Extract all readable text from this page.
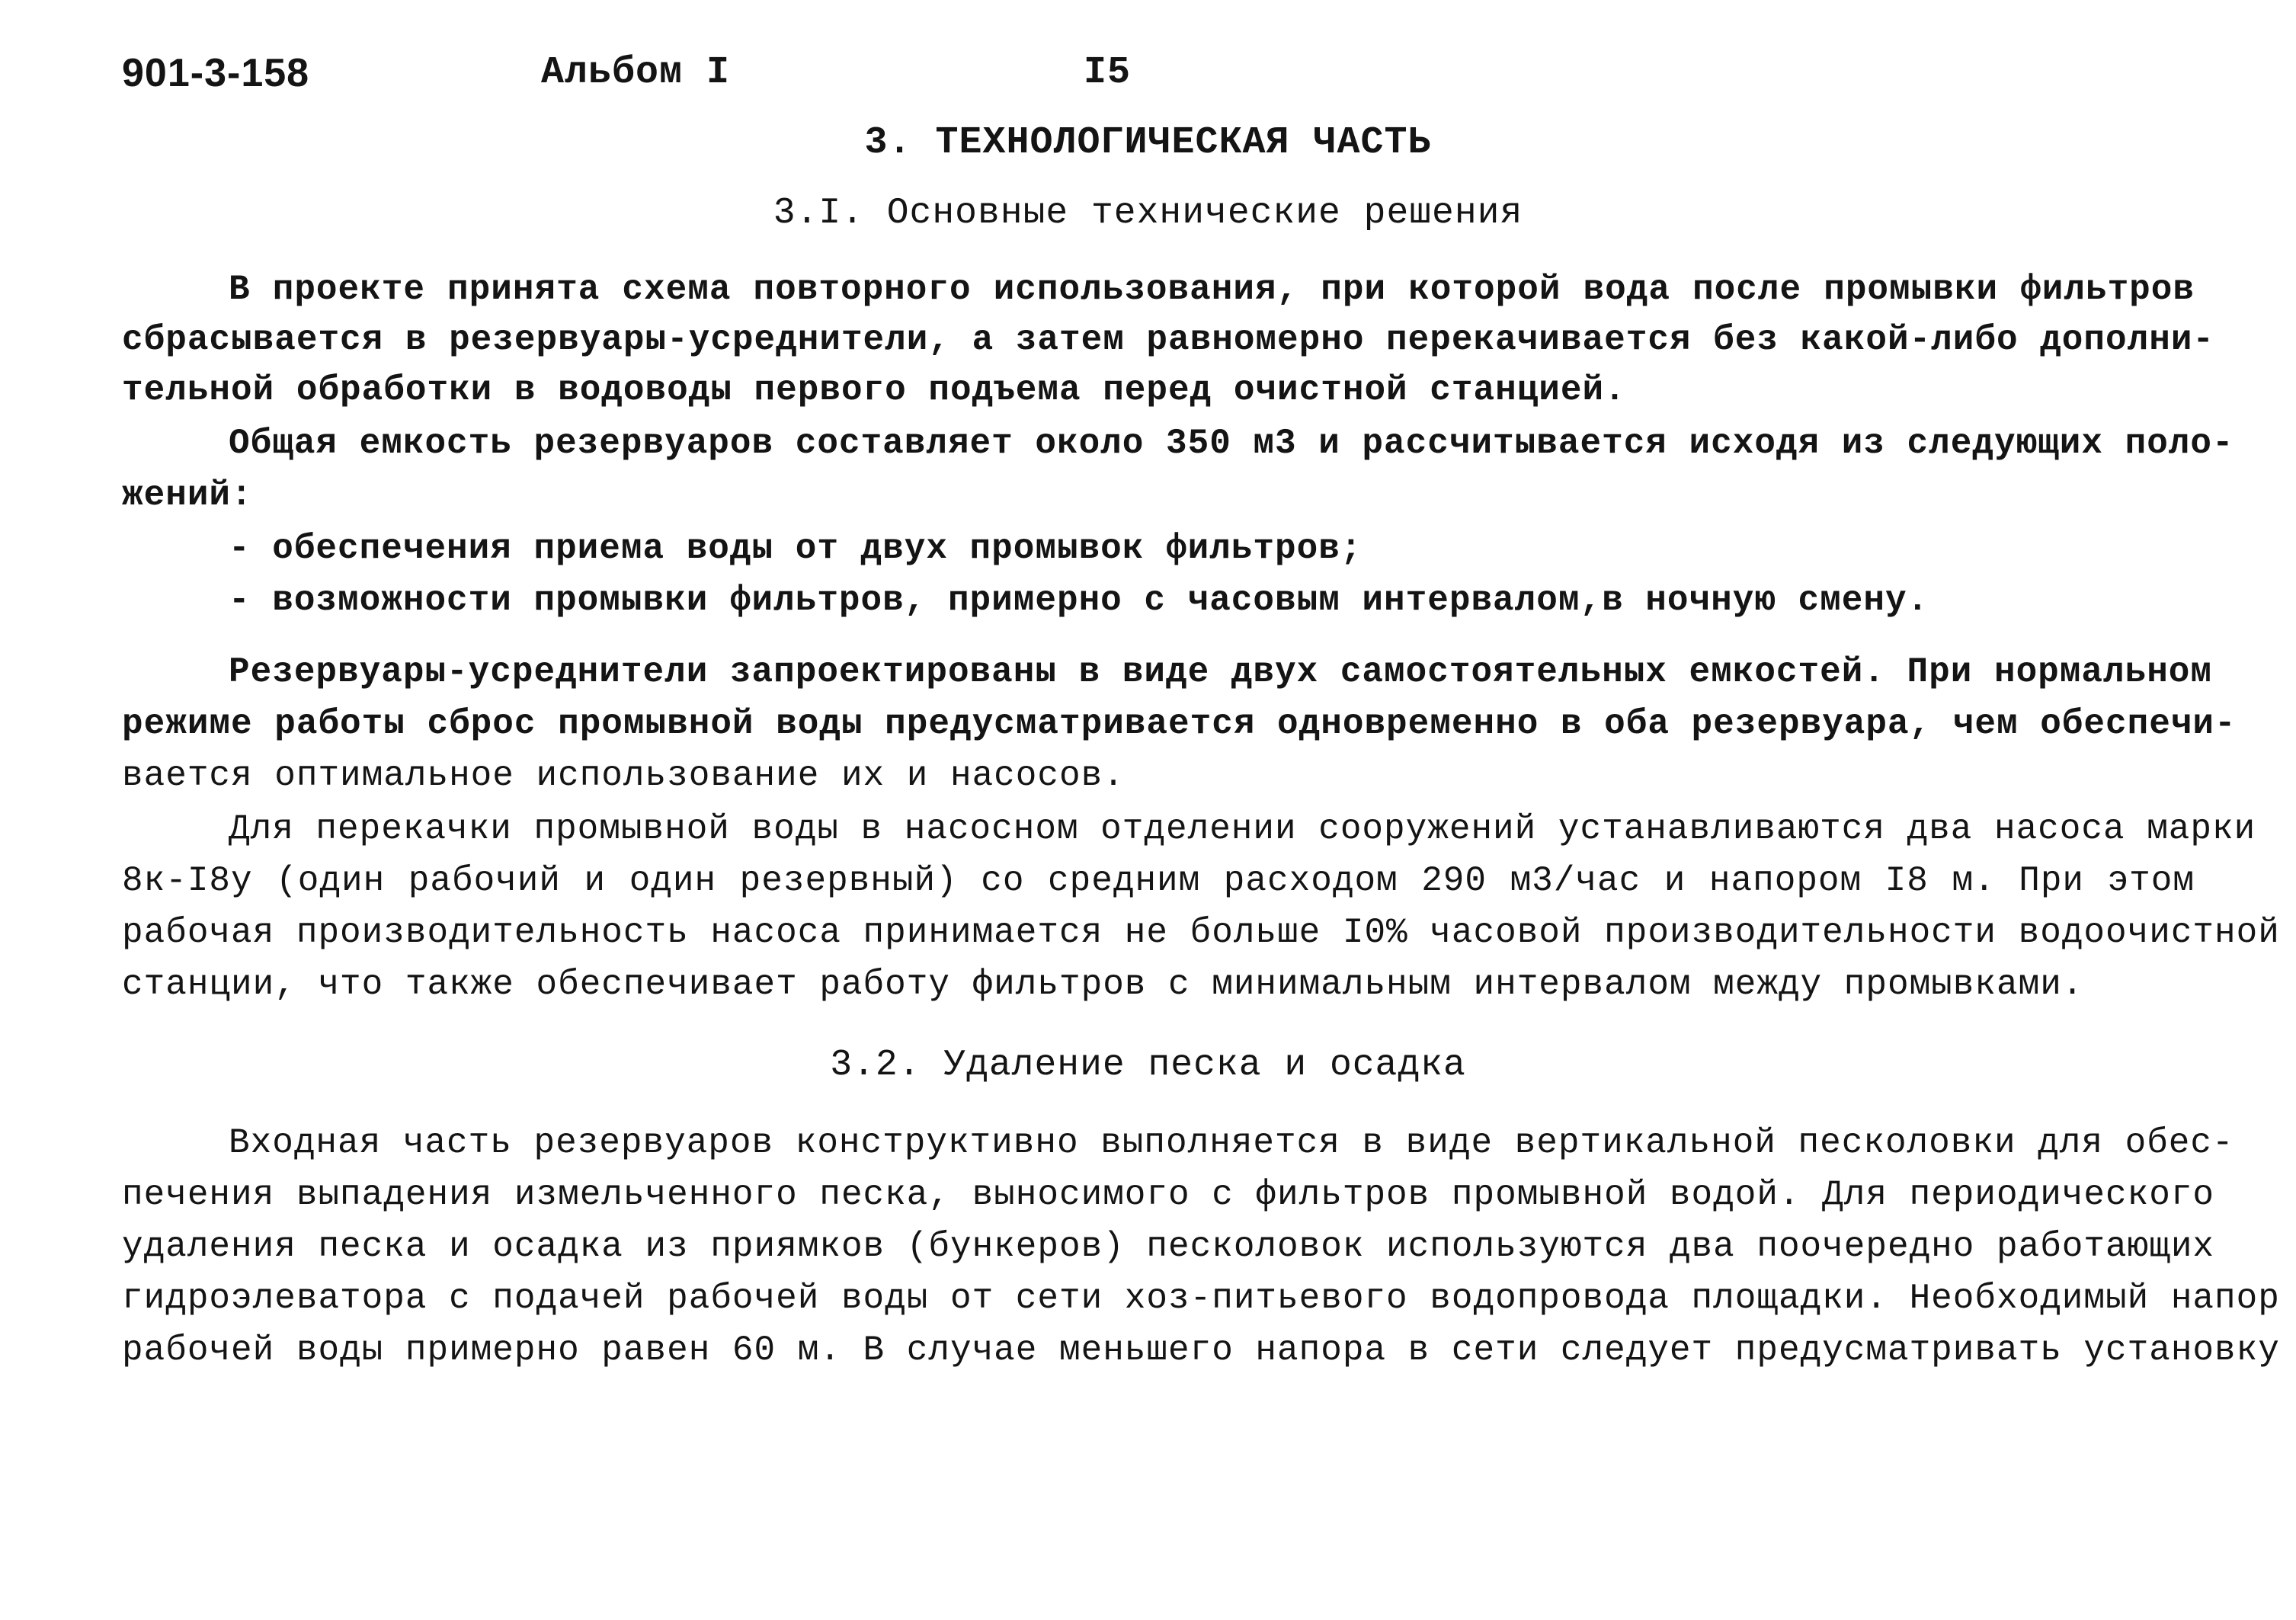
901-3-158	Альбом I	I5
3. ТЕХНОЛОГИЧЕСКАЯ ЧАСТЬ
3.I. Основные технические решения
В проекте принята схема повторного использования, при которой вода после промывки фильтров
сбрасывается в резервуары-усреднители, а затем равномерно перекачивается без какой-либо дополни-
тельной обработки в водоводы первого подъема перед очистной станцией.
Общая емкость резервуаров составляет около 350 м3 и рассчитывается исходя из следующих поло-
жений:
- обеспечения приема воды от двух промывок фильтров;
- возможности промывки фильтров, примерно с часовым интервалом,в ночную смену.
Резервуары-усреднители запроектированы в виде двух самостоятельных емкостей. При нормальном
режиме работы сброс промывной воды предусматривается одновременно в оба резервуара, чем обеспечи-
вается оптимальное использование их и насосов.
Для перекачки промывной воды в насосном отделении сооружений устанавливаются два насоса марки
8к-I8у (один рабочий и один резервный) со средним расходом 290 м3/час и напором I8 м. При этом
рабочая производительность насоса принимается не больше I0% часовой производительности водоочистной
станции, что также обеспечивает работу фильтров с минимальным интервалом между промывками.
3.2. Удаление песка и осадка
Входная часть резервуаров конструктивно выполняется в виде вертикальной песколовки для обес-
печения выпадения измельченного песка, выносимого с фильтров промывной водой. Для периодического
удаления песка и осадка из приямков (бункеров) песколовок используются два поочередно работающих
гидроэлеватора с подачей рабочей воды от сети хоз-питьевого водопровода площадки. Необходимый напор
рабочей воды примерно равен 60 м. В случае меньшего напора в сети следует предусматривать установку
